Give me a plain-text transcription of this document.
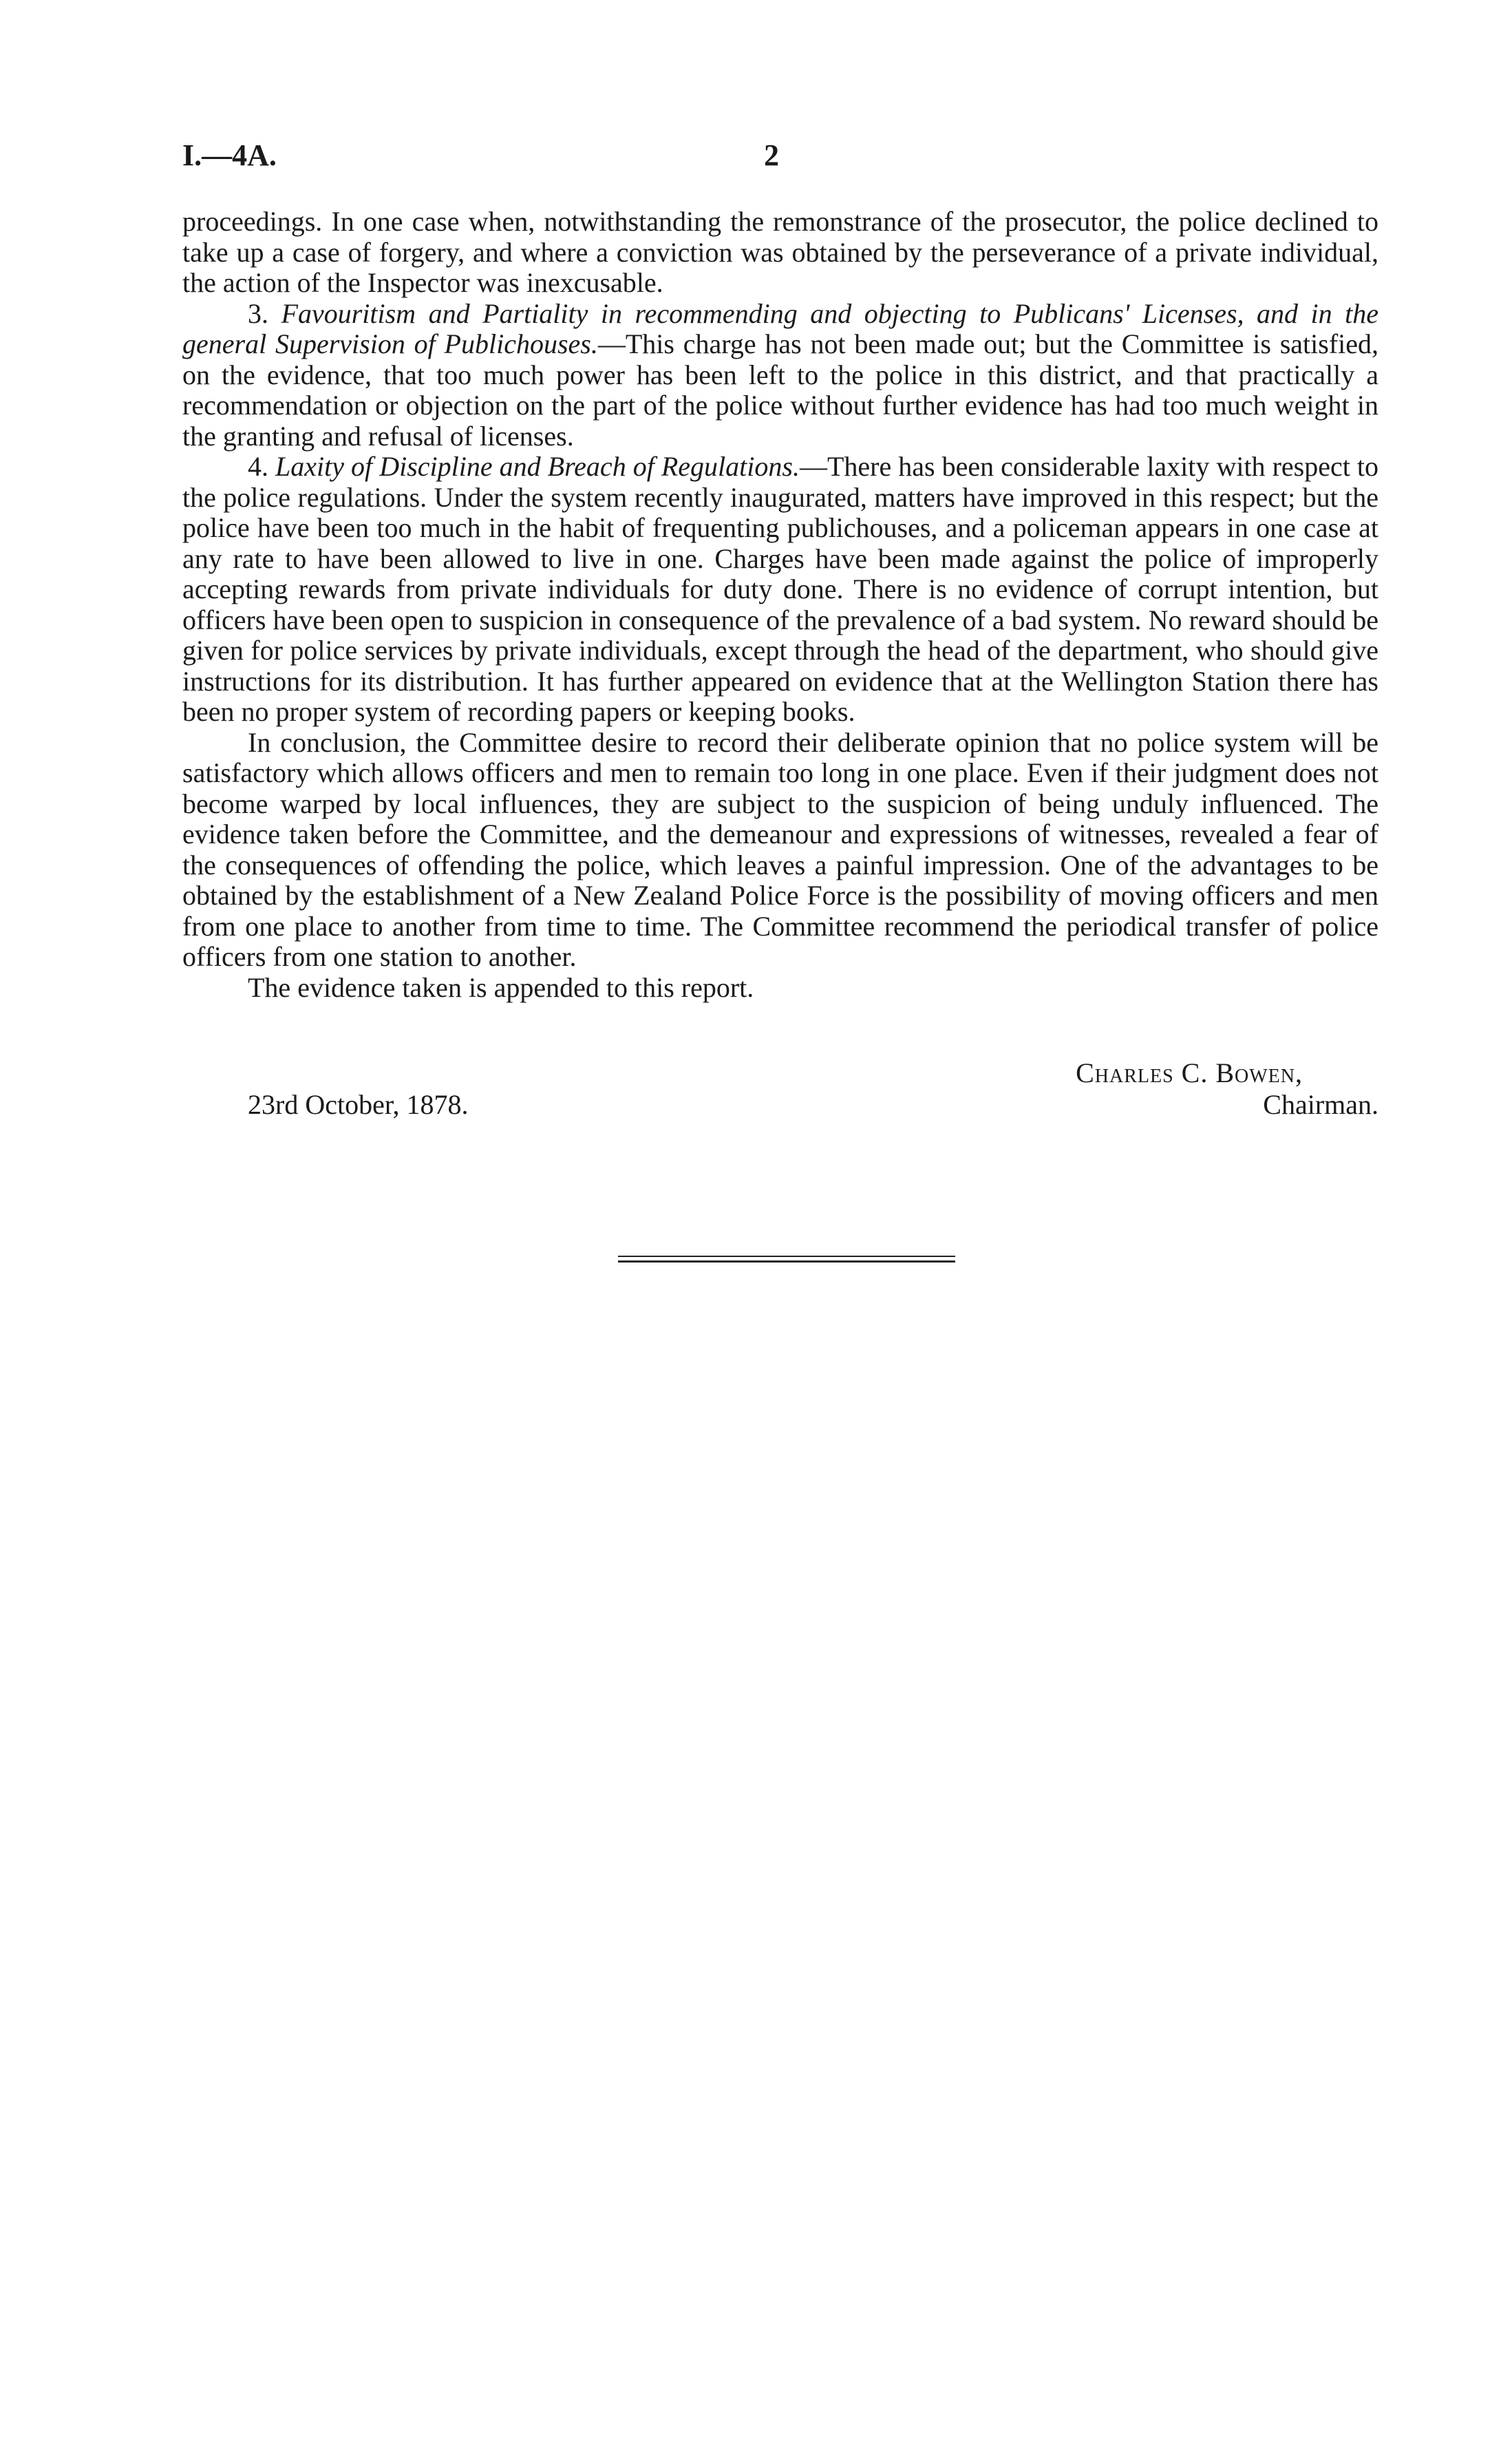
I.—4A.	2

proceedings. In one case when, notwithstanding the remonstrance of the prosecutor, the police declined to take up a case of forgery, and where a conviction was obtained by the perseverance of a private individual, the action of the Inspector was inexcusable.

3. Favouritism and Partiality in recommending and objecting to Publicans' Licenses, and in the general Supervision of Publichouses.—This charge has not been made out; but the Committee is satisfied, on the evidence, that too much power has been left to the police in this district, and that practically a recommendation or objection on the part of the police without further evidence has had too much weight in the granting and refusal of licenses.

4. Laxity of Discipline and Breach of Regulations.—There has been considerable laxity with respect to the police regulations. Under the system recently inaugurated, matters have improved in this respect; but the police have been too much in the habit of frequenting publichouses, and a policeman appears in one case at any rate to have been allowed to live in one. Charges have been made against the police of improperly accepting rewards from private individuals for duty done. There is no evidence of corrupt intention, but officers have been open to suspicion in consequence of the prevalence of a bad system. No reward should be given for police services by private individuals, except through the head of the department, who should give instructions for its distribution. It has further appeared on evidence that at the Wellington Station there has been no proper system of recording papers or keeping books.

In conclusion, the Committee desire to record their deliberate opinion that no police system will be satisfactory which allows officers and men to remain too long in one place. Even if their judgment does not become warped by local influences, they are subject to the suspicion of being unduly influenced. The evidence taken before the Committee, and the demeanour and expressions of witnesses, revealed a fear of the consequences of offending the police, which leaves a painful impression. One of the advantages to be obtained by the establishment of a New Zealand Police Force is the possibility of moving officers and men from one place to another from time to time. The Committee recommend the periodical transfer of police officers from one station to another.

The evidence taken is appended to this report.

Charles C. Bowen,
Chairman.
23rd October, 1878.
